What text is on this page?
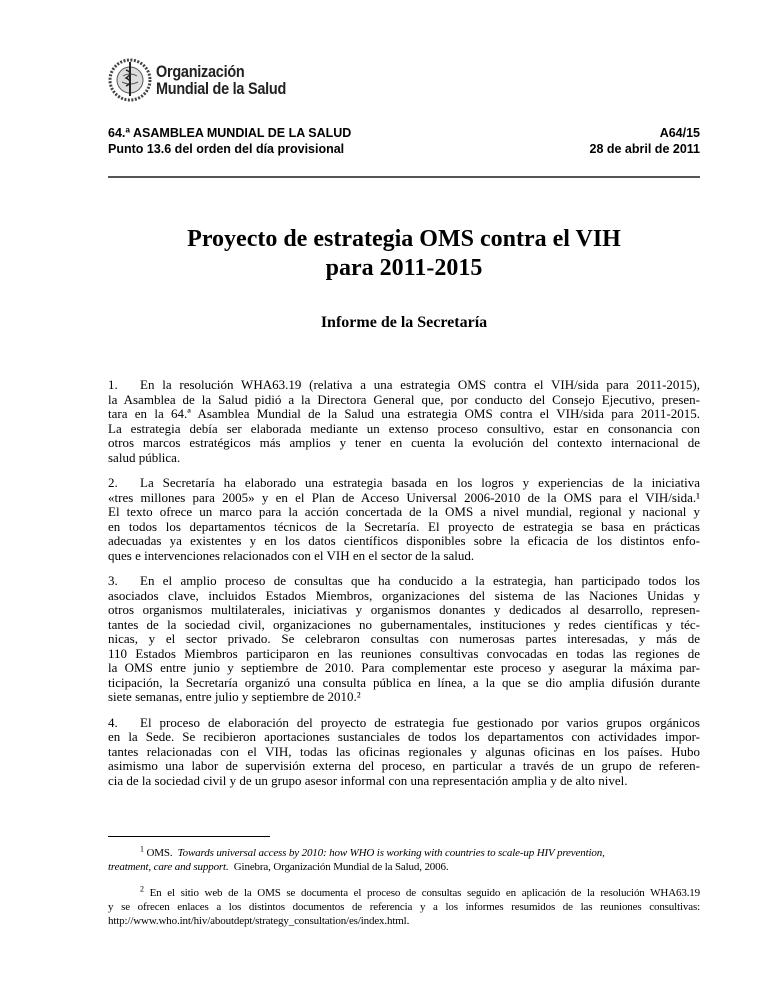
Organización
Mundial de la Salud
64.ª ASAMBLEA MUNDIAL DE LA SALUD
Punto 13.6 del orden del día provisional
A64/15
28 de abril de 2011
Proyecto de estrategia OMS contra el VIH
para 2011-2015
Informe de la Secretaría
1. En la resolución WHA63.19 (relativa a una estrategia OMS contra el VIH/sida para 2011-2015),
la Asamblea de la Salud pidió a la Directora General que, por conducto del Consejo Ejecutivo, presen-
tara en la 64.ª Asamblea Mundial de la Salud una estrategia OMS contra el VIH/sida para 2011-2015.
La estrategia debía ser elaborada mediante un extenso proceso consultivo, estar en consonancia con
otros marcos estratégicos más amplios y tener en cuenta la evolución del contexto internacional de
salud pública.
2. La Secretaría ha elaborado una estrategia basada en los logros y experiencias de la iniciativa
«tres millones para 2005» y en el Plan de Acceso Universal 2006-2010 de la OMS para el VIH/sida.¹
El texto ofrece un marco para la acción concertada de la OMS a nivel mundial, regional y nacional y
en todos los departamentos técnicos de la Secretaría. El proyecto de estrategia se basa en prácticas
adecuadas ya existentes y en los datos científicos disponibles sobre la eficacia de los distintos enfo-
ques e intervenciones relacionados con el VIH en el sector de la salud.
3. En el amplio proceso de consultas que ha conducido a la estrategia, han participado todos los
asociados clave, incluidos Estados Miembros, organizaciones del sistema de las Naciones Unidas y
otros organismos multilaterales, iniciativas y organismos donantes y dedicados al desarrollo, represen-
tantes de la sociedad civil, organizaciones no gubernamentales, instituciones y redes científicas y téc-
nicas, y el sector privado. Se celebraron consultas con numerosas partes interesadas, y más de
110 Estados Miembros participaron en las reuniones consultivas convocadas en todas las regiones de
la OMS entre junio y septiembre de 2010. Para complementar este proceso y asegurar la máxima par-
ticipación, la Secretaría organizó una consulta pública en línea, a la que se dio amplia difusión durante
siete semanas, entre julio y septiembre de 2010.²
4. El proceso de elaboración del proyecto de estrategia fue gestionado por varios grupos orgánicos
en la Sede. Se recibieron aportaciones sustanciales de todos los departamentos con actividades impor-
tantes relacionadas con el VIH, todas las oficinas regionales y algunas oficinas en los países. Hubo
asimismo una labor de supervisión externa del proceso, en particular a través de un grupo de referen-
cia de la sociedad civil y de un grupo asesor informal con una representación amplia y de alto nivel.
$^1$ OMS. Towards universal access by 2010: how WHO is working with countries to scale-up HIV prevention,
treatment, care and support. Ginebra, Organización Mundial de la Salud, 2006.
$^2$ En el sitio web de la OMS se documenta el proceso de consultas seguido en aplicación de la resolución WHA63.19
y se ofrecen enlaces a los distintos documentos de referencia y a los informes resumidos de las reuniones consultivas:
http://www.who.int/hiv/aboutdept/strategy_consultation/es/index.html.
